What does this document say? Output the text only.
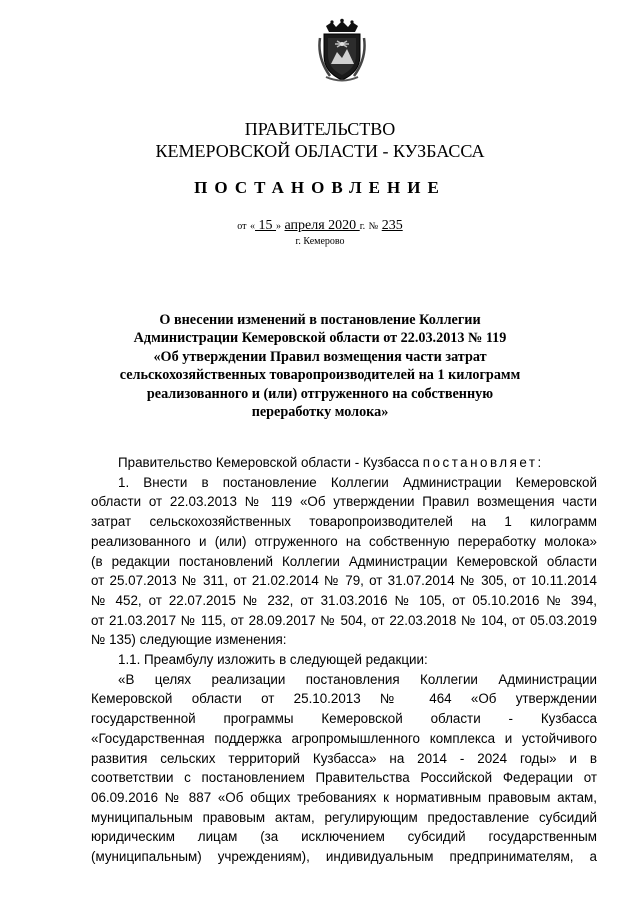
ПРАВИТЕЛЬСТВО
КЕМЕРОВСКОЙ ОБЛАСТИ - КУЗБАССА
ПОСТАНОВЛЕНИЕ
от « 15 » апреля 2020 г. № 235
г. Кемерово
О внесении изменений в постановление Коллегии
Администрации Кемеровской области от 22.03.2013 № 119
«Об утверждении Правил возмещения части затрат
сельскохозяйственных товаропроизводителей на 1 килограмм
реализованного и (или) отгруженного на собственную
переработку молока»
Правительство Кемеровской области - Кузбасса постановляет:
1. Внести в постановление Коллегии Администрации Кемеровской
области от 22.03.2013 № 119 «Об утверждении Правил возмещения части
затрат сельскохозяйственных товаропроизводителей на 1 килограмм
реализованного и (или) отгруженного на собственную переработку молока»
(в редакции постановлений Коллегии Администрации Кемеровской области
от 25.07.2013 № 311, от 21.02.2014 № 79, от 31.07.2014 № 305, от 10.11.2014
№ 452, от 22.07.2015 № 232, от 31.03.2016 № 105, от 05.10.2016 № 394,
от 21.03.2017 № 115, от 28.09.2017 № 504, от 22.03.2018 № 104, от 05.03.2019
№ 135) следующие изменения:
1.1. Преамбулу изложить в следующей редакции:
«В целях реализации постановления Коллегии Администрации
Кемеровской области от 25.10.2013 № 464 «Об утверждении
государственной программы Кемеровской области - Кузбасса
«Государственная поддержка агропромышленного комплекса и устойчивого
развития сельских территорий Кузбасса» на 2014 - 2024 годы» и в
соответствии с постановлением Правительства Российской Федерации от
06.09.2016 № 887 «Об общих требованиях к нормативным правовым актам,
муниципальным правовым актам, регулирующим предоставление субсидий
юридическим лицам (за исключением субсидий государственным
(муниципальным) учреждениям), индивидуальным предпринимателям, а
